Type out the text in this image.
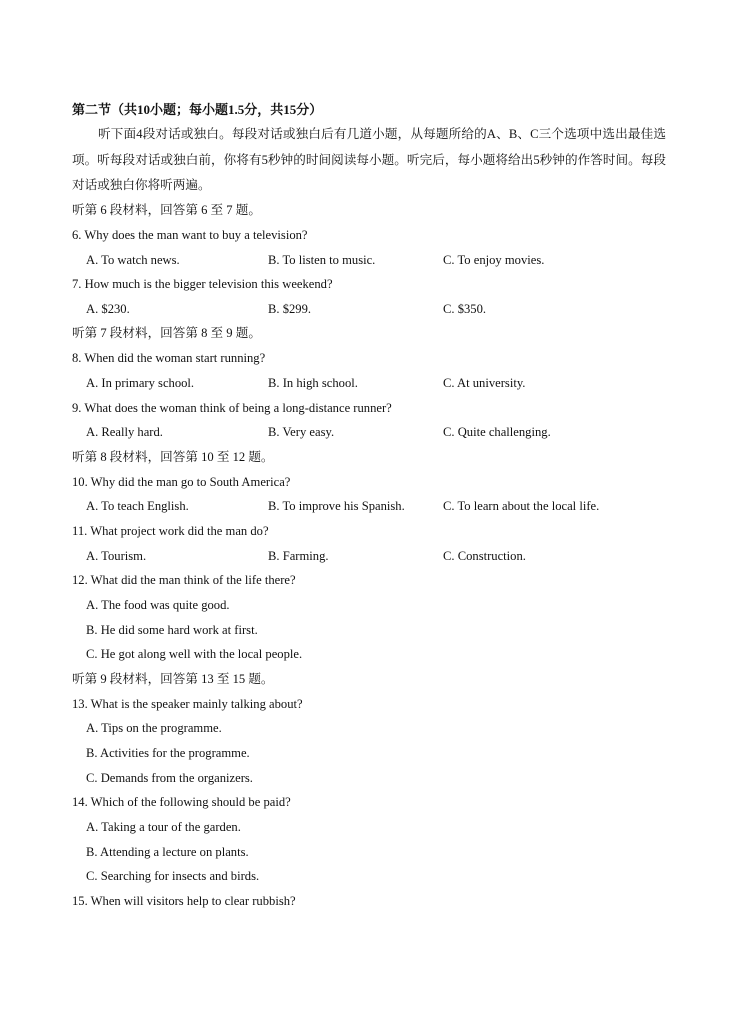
第二节（共10小题；每小题1.5分，共15分）
听下面4段对话或独白。每段对话或独白后有几道小题，从每题所给的A、B、C三个选项中选出最佳选项。听每段对话或独白前，你将有5秒钟的时间阅读每小题。听完后，每小题将给出5秒钟的作答时间。每段对话或独白你将听两遍。
听第 6 段材料，回答第 6 至 7 题。
6. Why does the man want to buy a television?
A. To watch news.	B. To listen to music.	C. To enjoy movies.
7. How much is the bigger television this weekend?
A. $230.	B. $299.	C. $350.
听第 7 段材料，回答第 8 至 9 题。
8. When did the woman start running?
A. In primary school.	B. In high school.	C. At university.
9. What does the woman think of being a long-distance runner?
A. Really hard.	B. Very easy.	C. Quite challenging.
听第 8 段材料，回答第 10 至 12 题。
10. Why did the man go to South America?
A. To teach English.	B. To improve his Spanish.	C. To learn about the local life.
11. What project work did the man do?
A. Tourism.	B. Farming.	C. Construction.
12. What did the man think of the life there?
A. The food was quite good.
B. He did some hard work at first.
C. He got along well with the local people.
听第 9 段材料，回答第 13 至 15 题。
13. What is the speaker mainly talking about?
A. Tips on the programme.
B. Activities for the programme.
C. Demands from the organizers.
14. Which of the following should be paid?
A. Taking a tour of the garden.
B. Attending a lecture on plants.
C. Searching for insects and birds.
15. When will visitors help to clear rubbish?
